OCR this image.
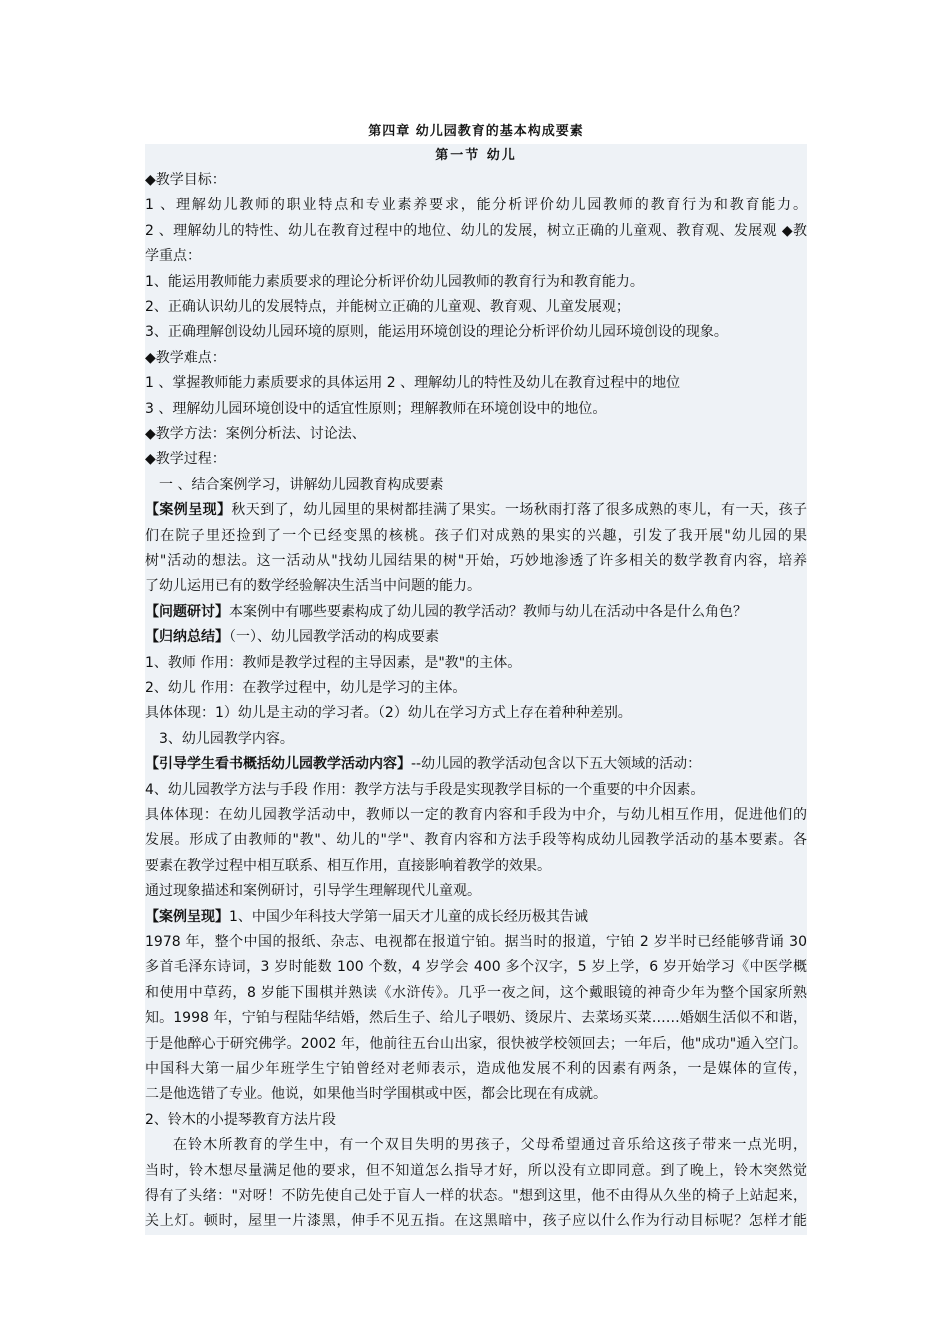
第四章 幼儿园教育的基本构成要素
第一节 幼儿
◆教学目标：
1 、理解幼儿教师的职业特点和专业素养要求，能分析评价幼儿园教师的教育行为和教育能力。
2 、理解幼儿的特性、幼儿在教育过程中的地位、幼儿的发展，树立正确的儿童观、教育观、发展观 ◆教
学重点：
1、能运用教师能力素质要求的理论分析评价幼儿园教师的教育行为和教育能力。
2、正确认识幼儿的发展特点，并能树立正确的儿童观、教育观、儿童发展观；
3、正确理解创设幼儿园环境的原则，能运用环境创设的理论分析评价幼儿园环境创设的现象。
◆教学难点：
1 、掌握教师能力素质要求的具体运用 2 、理解幼儿的特性及幼儿在教育过程中的地位
3 、理解幼儿园环境创设中的适宜性原则；理解教师在环境创设中的地位。
◆教学方法：案例分析法、讨论法、
◆教学过程：
一 、结合案例学习，讲解幼儿园教育构成要素
【案例呈现】秋天到了，幼儿园里的果树都挂满了果实。一场秋雨打落了很多成熟的枣儿，有一天，孩子
们在院子里还捡到了一个已经变黑的核桃。孩子们对成熟的果实的兴趣，引发了我开展"幼儿园的果
树"活动的想法。这一活动从"找幼儿园结果的树"开始，巧妙地渗透了许多相关的数学教育内容，培养
了幼儿运用已有的数学经验解决生活当中问题的能力。
【问题研讨】本案例中有哪些要素构成了幼儿园的教学活动？教师与幼儿在活动中各是什么角色？
【归纳总结】（一）、幼儿园教学活动的构成要素
1、教师 作用：教师是教学过程的主导因素，是"教"的主体。
2、幼儿 作用：在教学过程中，幼儿是学习的主体。
具体体现：1）幼儿是主动的学习者。（2）幼儿在学习方式上存在着种种差别。
3、幼儿园教学内容。
【引导学生看书概括幼儿园教学活动内容】--幼儿园的教学活动包含以下五大领域的活动：
4、幼儿园教学方法与手段 作用：教学方法与手段是实现教学目标的一个重要的中介因素。
具体体现：在幼儿园教学活动中，教师以一定的教育内容和手段为中介，与幼儿相互作用，促进他们的
发展。形成了由教师的"教"、幼儿的"学"、教育内容和方法手段等构成幼儿园教学活动的基本要素。各
要素在教学过程中相互联系、相互作用，直接影响着教学的效果。
通过现象描述和案例研讨，引导学生理解现代儿童观。
【案例呈现】1、中国少年科技大学第一届天才儿童的成长经历极其告诫
1978 年，整个中国的报纸、杂志、电视都在报道宁铂。据当时的报道，宁铂 2 岁半时已经能够背诵 30
多首毛泽东诗词，3 岁时能数 100 个数，4 岁学会 400 多个汉字，5 岁上学，6 岁开始学习《中医学概
和使用中草药，8 岁能下围棋并熟读《水浒传》。几乎一夜之间，这个戴眼镜的神奇少年为整个国家所熟
知。1998 年，宁铂与程陆华结婚，然后生子、给儿子喂奶、烫尿片、去菜场买菜……婚姻生活似不和谐，
于是他醉心于研究佛学。2002 年，他前往五台山出家，很快被学校领回去；一年后，他"成功"遁入空门。
中国科大第一届少年班学生宁铂曾经对老师表示，造成他发展不利的因素有两条，一是媒体的宣传，
二是他选错了专业。他说，如果他当时学围棋或中医，都会比现在有成就。
2、铃木的小提琴教育方法片段
在铃木所教育的学生中，有一个双目失明的男孩子，父母希望通过音乐给这孩子带来一点光明，
当时，铃木想尽量满足他的要求，但不知道怎么指导才好，所以没有立即同意。到了晚上，铃木突然觉
得有了头绪："对呀！不防先使自己处于盲人一样的状态。"想到这里，他不由得从久坐的椅子上站起来，
关上灯。顿时，屋里一片漆黑，伸手不见五指。在这黑暗中，孩子应以什么作为行动目标呢？怎样才能
